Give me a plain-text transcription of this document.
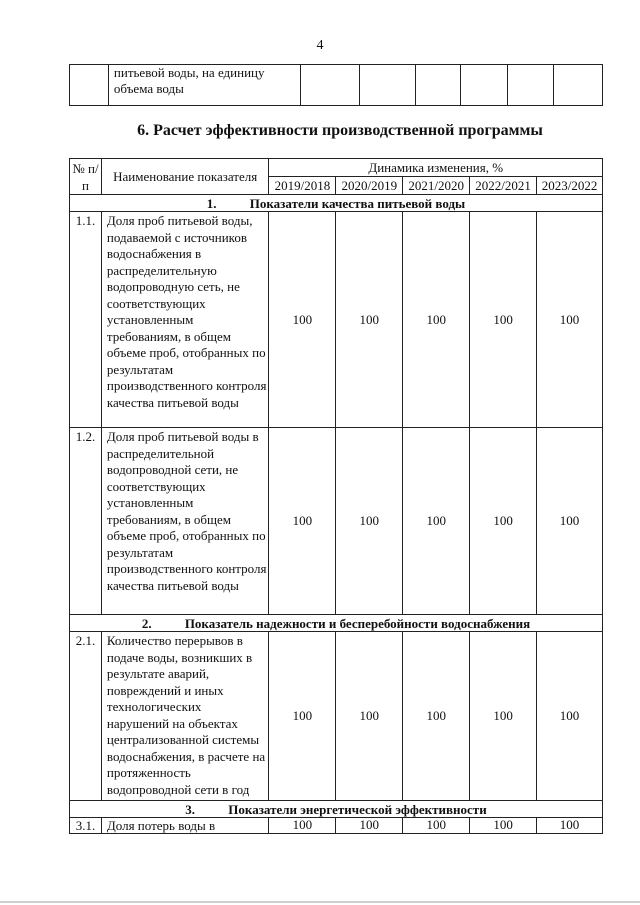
4
	питьевой воды, на единицу объема воды						
6. Расчет эффективности производственной программы
№ п/п	Наименование показателя	Динамика изменения, %				
		2019/2018	2020/2019	2021/2020	2022/2021	2023/2022
1. Показатели качества питьевой воды						
1.1.	Доля проб питьевой воды, подаваемой с источников водоснабжения в распределительную водопроводную сеть, не соответствующих установленным требованиям, в общем объеме проб, отобранных по результатам производственного контроля качества питьевой воды	100	100	100	100	100
1.2.	Доля проб питьевой воды в распределительной водопроводной сети, не соответствующих установленным требованиям, в общем объеме проб, отобранных по результатам производственного контроля качества питьевой воды	100	100	100	100	100
2. Показатель надежности и бесперебойности водоснабжения						
2.1.	Количество перерывов в подаче воды, возникших в результате аварий, повреждений и иных технологических нарушений на объектах централизованной системы водоснабжения, в расчете на протяженность водопроводной сети в год	100	100	100	100	100
3. Показатели энергетической эффективности						
3.1.	Доля потерь воды в	100	100	100	100	100
